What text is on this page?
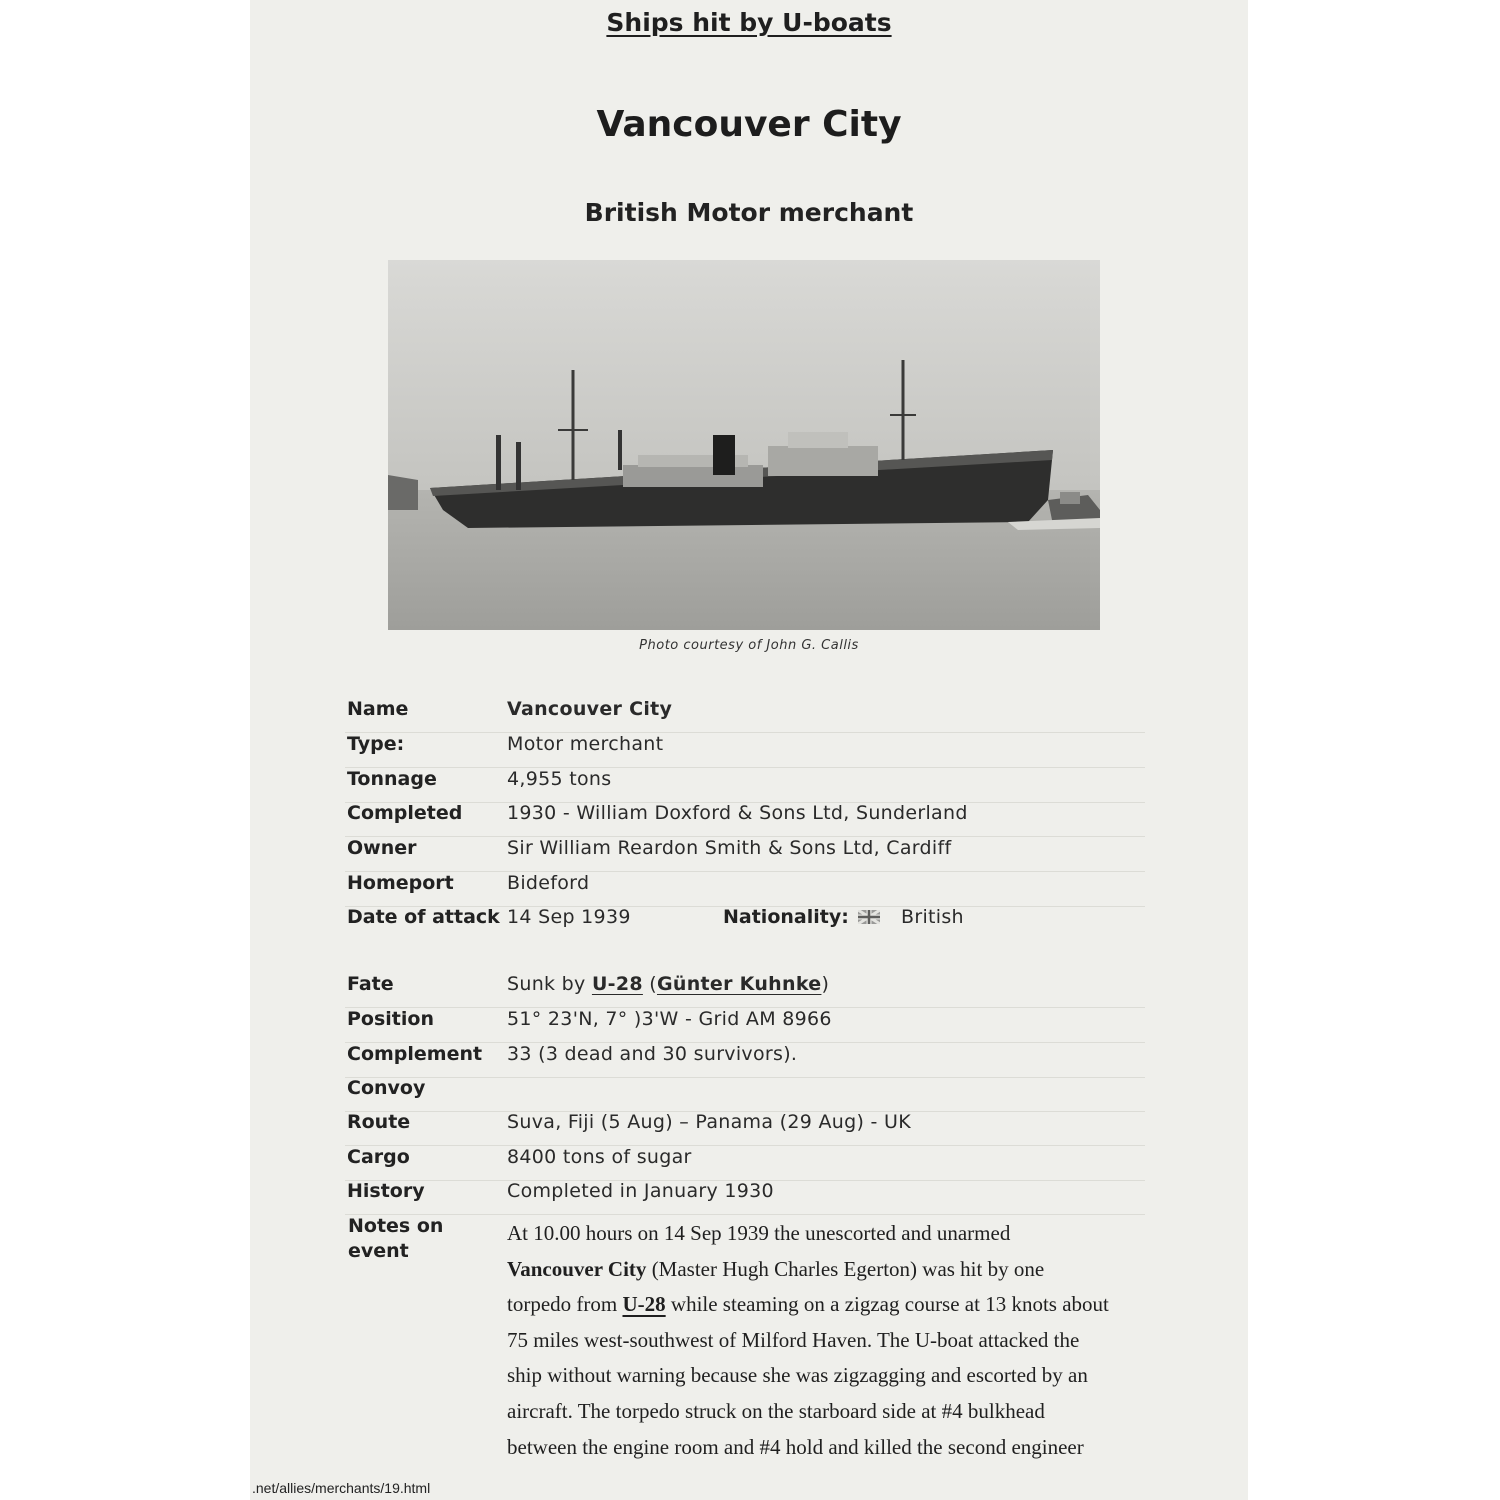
Ships hit by U-boats
Vancouver City
British Motor merchant
Photo courtesy of John G. Callis
Name	Vancouver City
Type:	Motor merchant
Tonnage	4,955 tons
Completed 1930 - William Doxford & Sons Ltd, Sunderland
Owner	Sir William Reardon Smith & Sons Ltd, Cardiff
Homeport	Bideford
Date of attack 14 Sep 1939	Nationality:	British
Fate	Sunk by U-28 (Günter Kuhnke)
Position	51° 23'N, 7° )3'W - Grid AM 8966
Complement 33 (3 dead and 30 survivors).
Convoy
Route	Suva, Fiji (5 Aug) – Panama (29 Aug) - UK
Cargo	8400 tons of sugar
History	Completed in January 1930
Notes on event

At 10.00 hours on 14 Sep 1939 the unescorted and unarmed

Vancouver City (Master Hugh Charles Egerton) was hit by one

torpedo from U-28 while steaming on a zigzag course at 13 knots about

75 miles west-southwest of Milford Haven. The U-boat attacked the

ship without warning because she was zigzagging and escorted by an

aircraft. The torpedo struck on the starboard side at #4 bulkhead

between the engine room and #4 hold and killed the second engineer

.net/allies/merchants/19.html
